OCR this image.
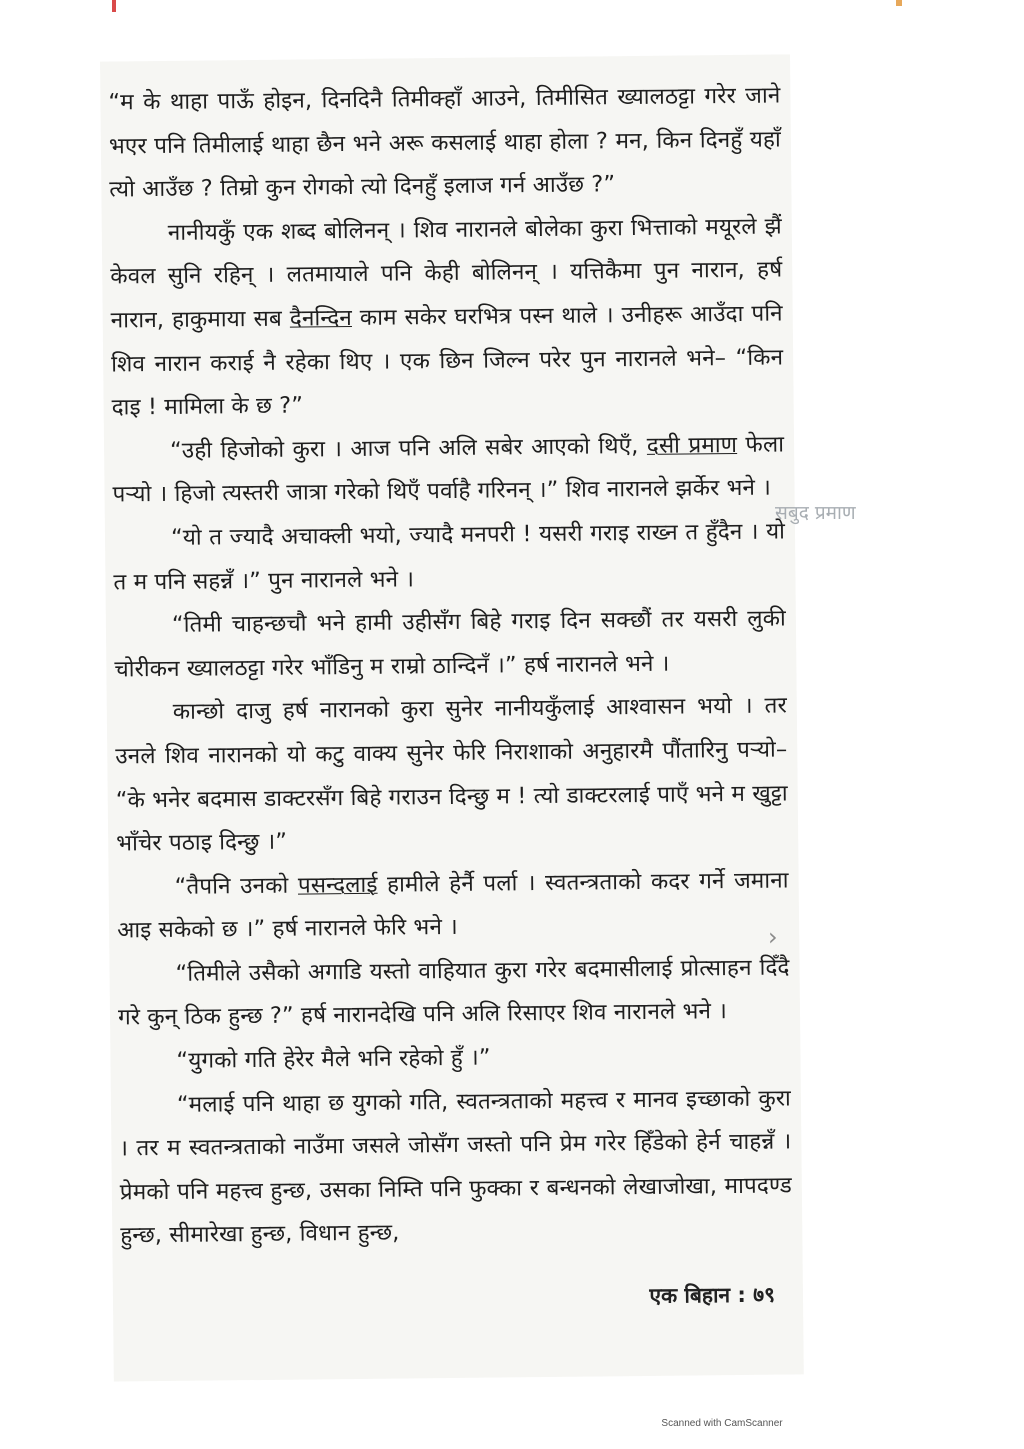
“म के थाहा पाऊँ होइन, दिनदिनै तिमीक्हाँ आउने, तिमीसित ख्यालठट्टा गरेर जाने भएर पनि तिमीलाई थाहा छैन भने अरू कसलाई थाहा होला ? मन, किन दिनहुँ यहाँ त्यो आउँछ ? तिम्रो कुन रोगको त्यो दिनहुँ इलाज गर्न आउँछ ?”

नानीयकुँ एक शब्द बोलिनन् । शिव नारानले बोलेका कुरा भित्ताको मयूरले झैं केवल सुनि रहिन् । लतमायाले पनि केही बोलिनन् । यत्तिकैमा पुन नारान, हर्ष नारान, हाकुमाया सब दैनन्दिन काम सकेर घरभित्र पस्न थाले । उनीहरू आउँदा पनि शिव नारान कराई नै रहेका थिए । एक छिन जिल्न परेर पुन नारानले भने– “किन दाइ ! मामिला के छ ?”

“उही हिजोको कुरा । आज पनि अलि सबेर आएको थिएँ, दसी प्रमाण फेला पर्‍यो । हिजो त्यस्तरी जात्रा गरेको थिएँ पर्वाहै गरिनन् ।” शिव नारानले झर्केर भने ।

“यो त ज्यादै अचाक्ली भयो, ज्यादै मनपरी ! यसरी गराइ राख्न त हुँदैन । यो त म पनि सहन्नँ ।” पुन नारानले भने ।

“तिमी चाहन्छचौ भने हामी उहीसँग बिहे गराइ दिन सक्छौं तर यसरी लुकी चोरीकन ख्यालठट्टा गरेर भाँडिनु म राम्रो ठान्दिनँ ।” हर्ष नारानले भने ।

कान्छो दाजु हर्ष नारानको कुरा सुनेर नानीयकुँलाई आश्वासन भयो । तर उनले शिव नारानको यो कटु वाक्य सुनेर फेरि निराशाको अनुहारमै पौंतारिनु पर्‍यो– “के भनेर बदमास डाक्टरसँग बिहे गराउन दिन्छु म ! त्यो डाक्टरलाई पाएँ भने म खुट्टा भाँचेर पठाइ दिन्छु ।”

“तैपनि उनको पसन्दलाई हामीले हेर्नै पर्ला । स्वतन्त्रताको कदर गर्ने जमाना आइ सकेको छ ।” हर्ष नारानले फेरि भने ।

“तिमीले उसैको अगाडि यस्तो वाहियात कुरा गरेर बदमासीलाई प्रोत्साहन दिँदै गरे कुन् ठिक हुन्छ ?” हर्ष नारानदेखि पनि अलि रिसाएर शिव नारानले भने ।

“युगको गति हेरेर मैले भनि रहेको हुँ ।”

“मलाई पनि थाहा छ युगको गति, स्वतन्त्रताको महत्त्व र मानव इच्छाको कुरा । तर म स्वतन्त्रताको नाउँमा जसले जोसँग जस्तो पनि प्रेम गरेर हिँडेको हेर्न चाहन्नँ । प्रेमको पनि महत्त्व हुन्छ, उसका निम्ति पनि फुक्का र बन्धनको लेखाजोखा, मापदण्ड हुन्छ, सीमारेखा हुन्छ, विधान हुन्छ,

एक बिहान : ७९
सबुद प्रमाण
›
Scanned with CamScanner
